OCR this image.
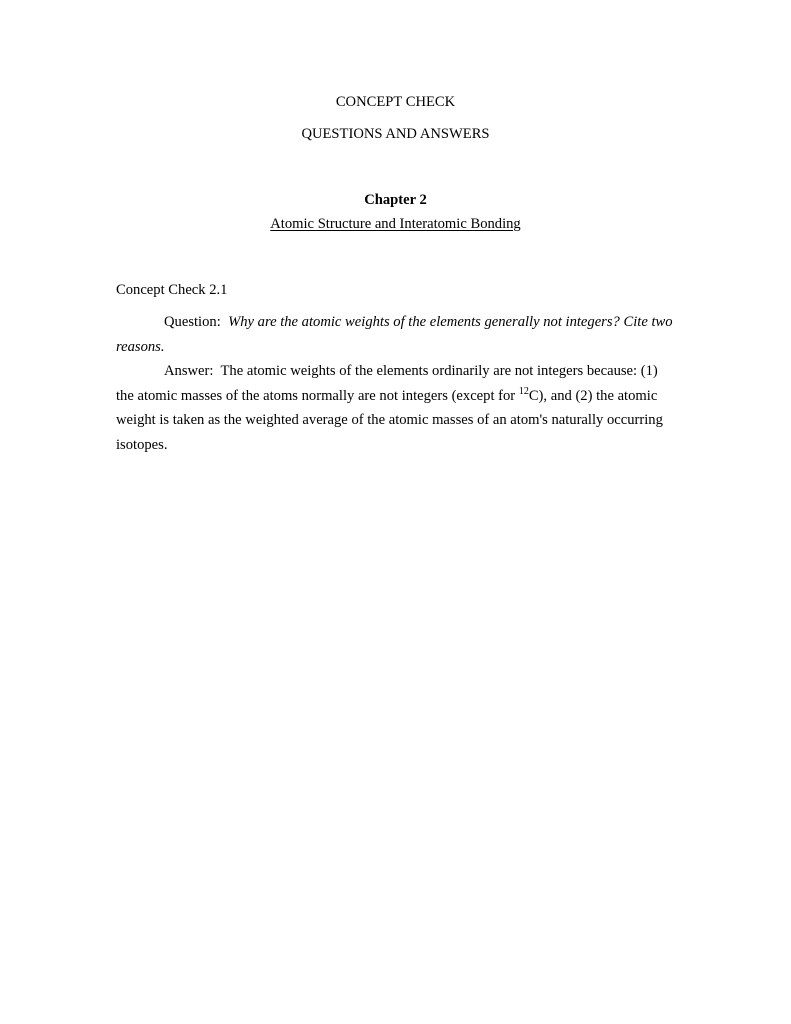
CONCEPT CHECK
QUESTIONS AND ANSWERS
Chapter 2
Atomic Structure and Interatomic Bonding
Concept Check 2.1
Question: Why are the atomic weights of the elements generally not integers? Cite two reasons.
Answer: The atomic weights of the elements ordinarily are not integers because: (1) the atomic masses of the atoms normally are not integers (except for $^{12}$C), and (2) the atomic weight is taken as the weighted average of the atomic masses of an atom's naturally occurring isotopes.
